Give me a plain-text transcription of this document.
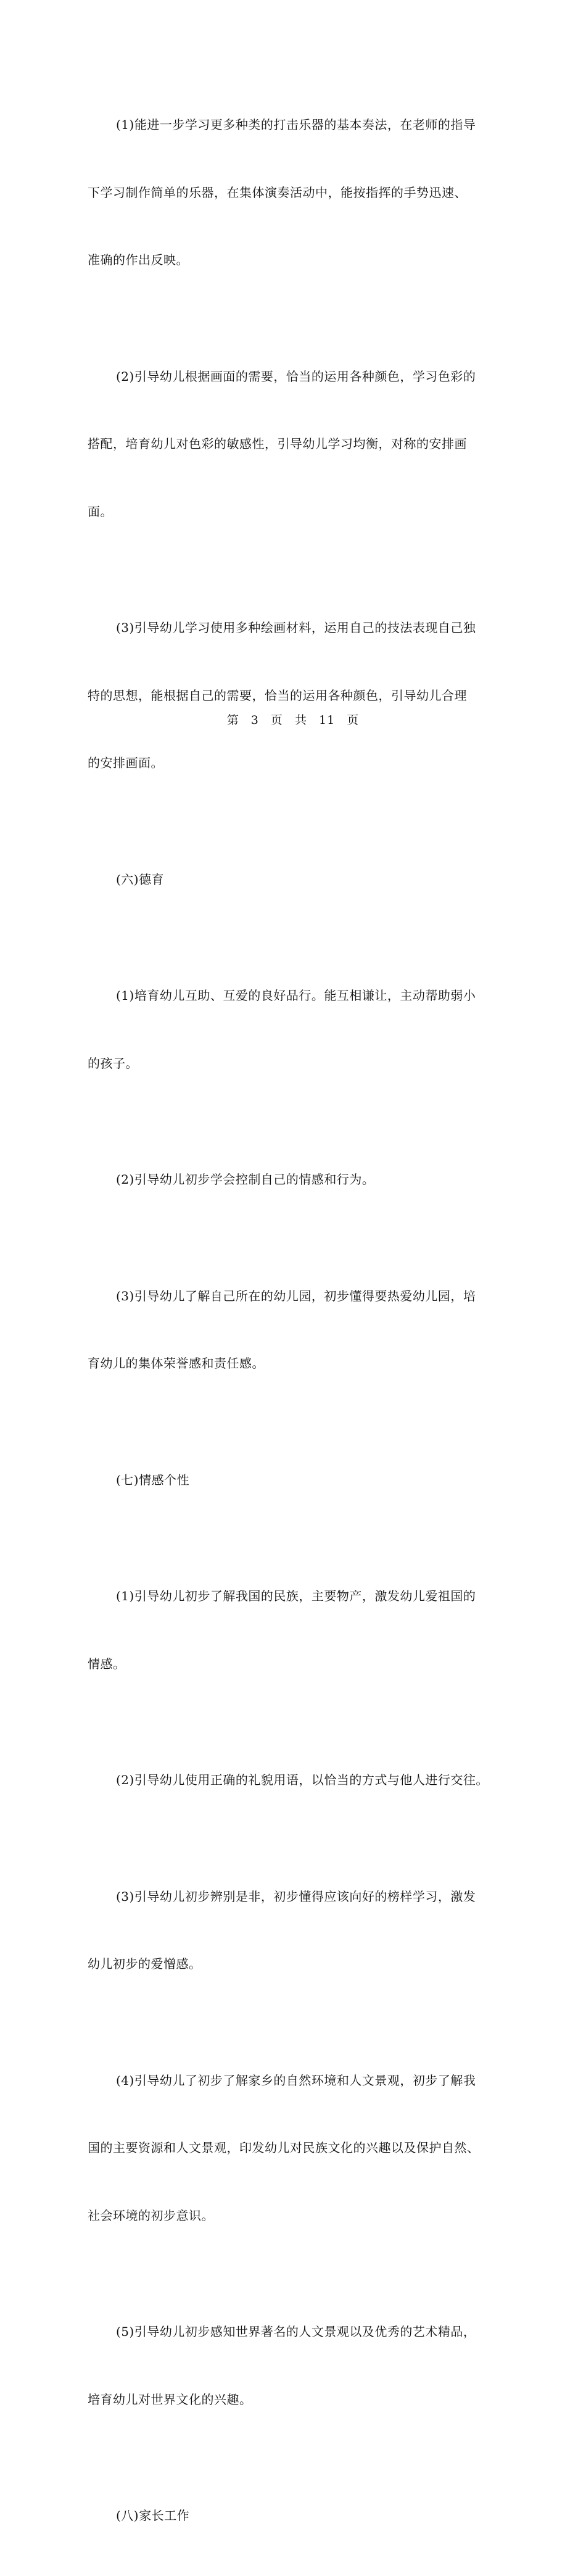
(1)能进一步学习更多种类的打击乐器的基本奏法，在老师的指导

下学习制作简单的乐器，在集体演奏活动中，能按指挥的手势迅速、

准确的作出反映。

(2)引导幼儿根据画面的需要，恰当的运用各种颜色，学习色彩的

搭配，培育幼儿对色彩的敏感性，引导幼儿学习均衡，对称的安排画

面。

(3)引导幼儿学习使用多种绘画材料，运用自己的技法表现自己独

特的思想，能根据自己的需要，恰当的运用各种颜色，引导幼儿合理

的安排画面。

(六)德育

(1)培育幼儿互助、互爱的良好品行。能互相谦让，主动帮助弱小

的孩子。

(2)引导幼儿初步学会控制自己的情感和行为。

(3)引导幼儿了解自己所在的幼儿园，初步懂得要热爱幼儿园，培

育幼儿的集体荣誉感和责任感。

(七)情感个性

(1)引导幼儿初步了解我国的民族，主要物产，激发幼儿爱祖国的

情感。

(2)引导幼儿使用正确的礼貌用语，以恰当的方式与他人进行交往。

(3)引导幼儿初步辨别是非，初步懂得应该向好的榜样学习，激发

幼儿初步的爱憎感。

(4)引导幼儿了初步了解家乡的自然环境和人文景观，初步了解我

国的主要资源和人文景观，印发幼儿对民族文化的兴趣以及保护自然、

社会环境的初步意识。

(5)引导幼儿初步感知世界著名的人文景观以及优秀的艺术精品，

培育幼儿对世界文化的兴趣。

(八)家长工作

第 3 页 共 11 页
